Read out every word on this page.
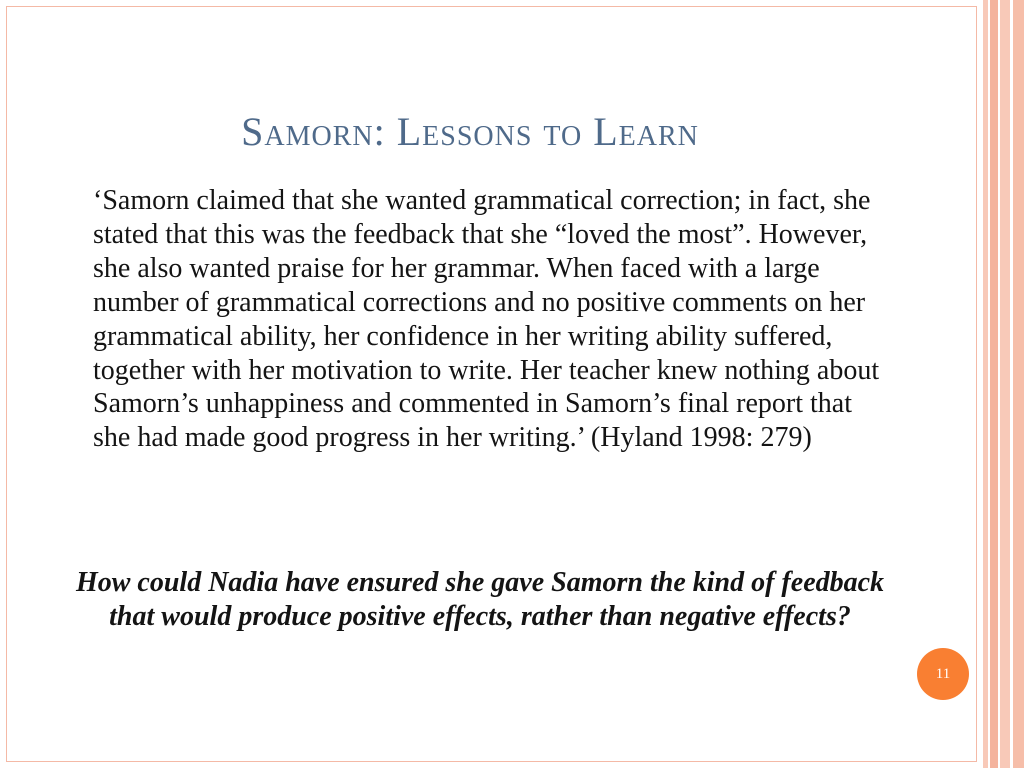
Samorn: Lessons to Learn

‘Samorn claimed that she wanted grammatical correction; in fact, she stated that this was the feedback that she “loved the most”. However, she also wanted praise for her grammar. When faced with a large number of grammatical corrections and no positive comments on her grammatical ability, her confidence in her writing ability suffered, together with her motivation to write. Her teacher knew nothing about Samorn’s unhappiness and commented in Samorn’s final report that she had made good progress in her writing.’ (Hyland 1998: 279)

How could Nadia have ensured she gave Samorn the kind of feedback that would produce positive effects, rather than negative effects?

11
